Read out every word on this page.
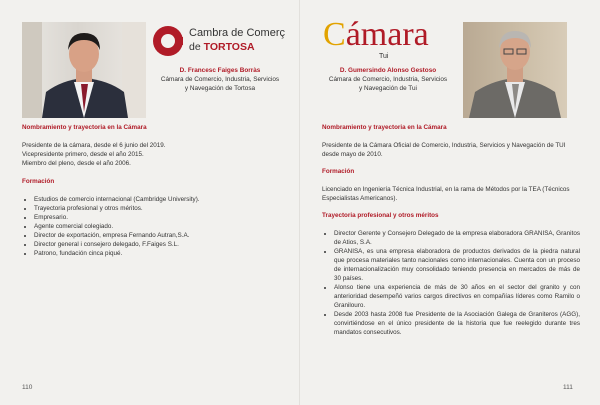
Cambra de Comerç
de TORTOSA
D. Francesc Faiges Borràs
Cámara de Comercio, Industria, Servicios
y Navegación de Tortosa
Nombramiento y trayectoria en la Cámara
Presidente de la cámara, desde el 6 junio del 2019.
Vicepresidente primero, desde el año 2015.
Miembro del pleno, desde el año 2006.
Formación
• Estudios de comercio internacional (Cambridge University).
• Trayectoria profesional y otros méritos.
• Empresario.
• Agente comercial colegiado.
• Director de exportación, empresa Fernando Autran,S.A.
• Director general i consejero delegado, F.Faiges S.L.
• Patrono, fundación cinca piqué.
110
Cámara
Tui
D. Gumersindo Alonso Gestoso
Cámara de Comercio, Industria, Servicios
y Navegación de Tui
Nombramiento y trayectoria en la Cámara
Presidente de la Cámara Oficial de Comercio, Industria, Servicios y Navegación de TUI
desde mayo de 2010.
Formación
Licenciado en Ingeniería Técnica Industrial, en la rama de Métodos por la TEA (Técnicos
Especialistas Americanos).
Trayectoria profesional y otros méritos
• Director Gerente y Consejero Delegado de la empresa elaboradora GRANISA, Granitos de Atios, S.A.
• GRANISA, es una empresa elaboradora de productos derivados de la piedra natural que procesa materiales tanto nacionales como internacionales. Cuenta con un proceso de internacionalización muy consolidado teniendo presencia en mercados de más de 30 países.
• Alonso tiene una experiencia de más de 30 años en el sector del granito y con anterioridad desempeñó varios cargos directivos en compañías líderes como Ramilo o Granilouro.
• Desde 2003 hasta 2008 fue Presidente de la Asociación Galega de Graniteros (AGG), convirtiéndose en el único presidente de la historia que fue reelegido durante tres mandatos consecutivos.
111
